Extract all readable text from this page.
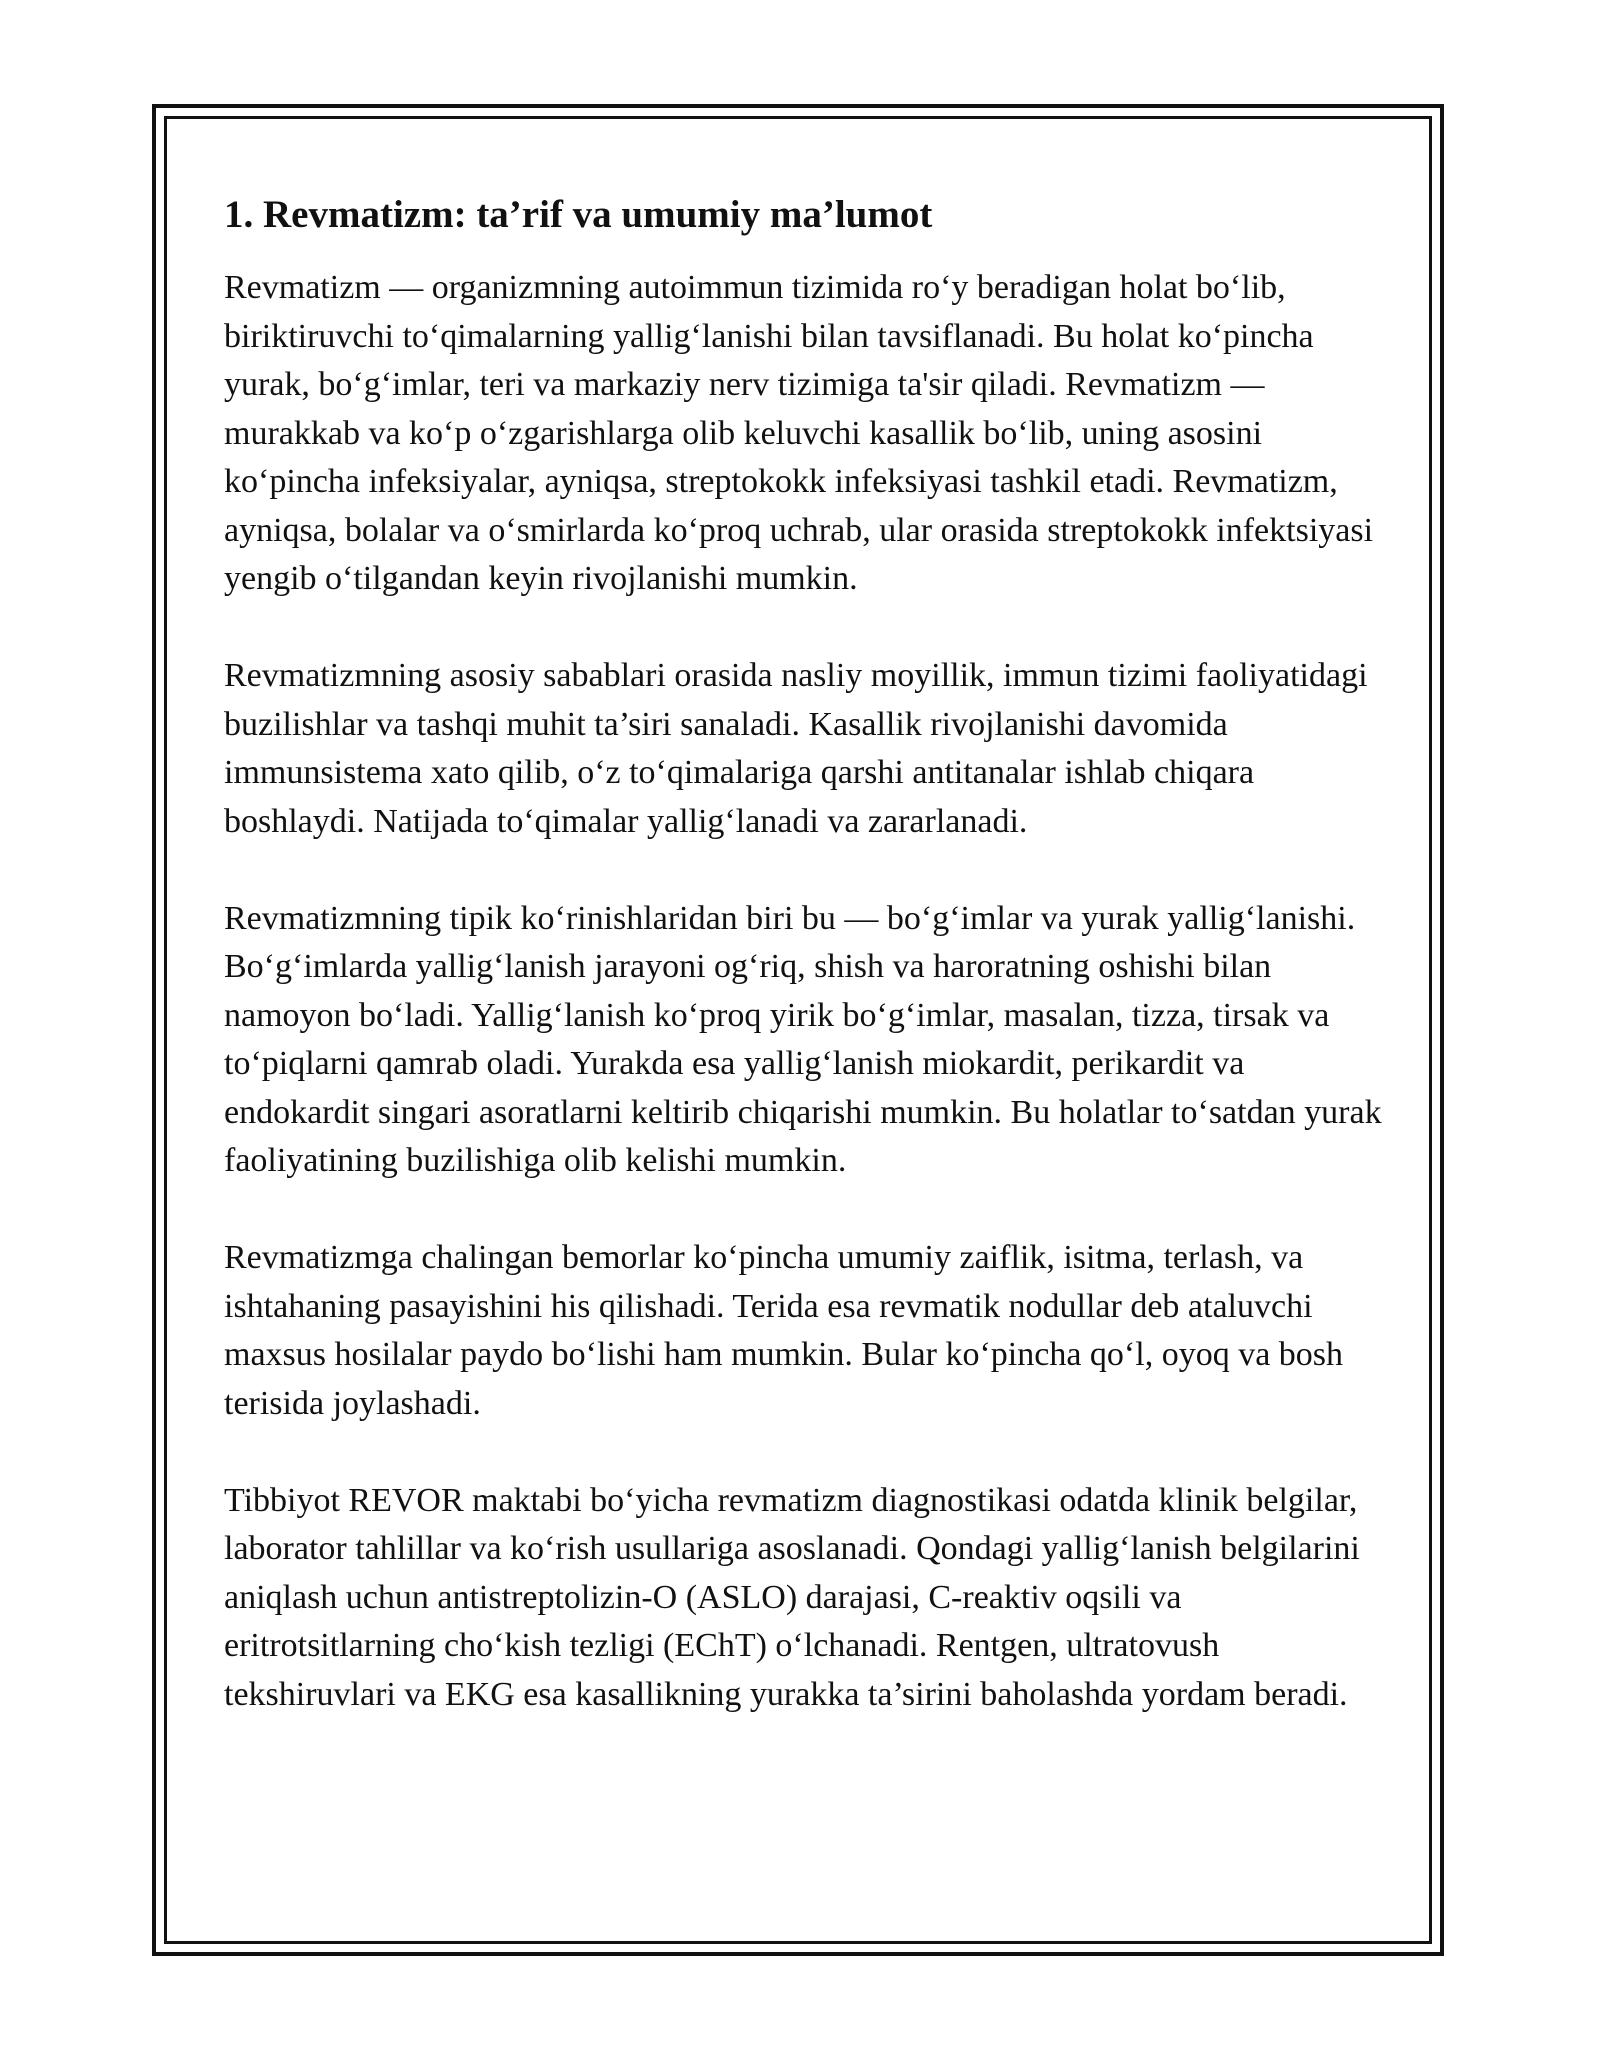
1. Revmatizm: ta’rif va umumiy ma’lumot

Revmatizm — organizmning autoimmun tizimida roʻy beradigan holat boʻlib, biriktiruvchi toʻqimalarning yalligʻlanishi bilan tavsiflanadi. Bu holat koʻpincha yurak, boʻgʻimlar, teri va markaziy nerv tizimiga ta'sir qiladi. Revmatizm — murakkab va koʻp oʻzgarishlarga olib keluvchi kasallik boʻlib, uning asosini koʻpincha infeksiyalar, ayniqsa, streptokokk infeksiyasi tashkil etadi. Revmatizm, ayniqsa, bolalar va oʻsmirlarda koʻproq uchrab, ular orasida streptokokk infektsiyasi yengib oʻtilgandan keyin rivojlanishi mumkin.

Revmatizmning asosiy sabablari orasida nasliy moyillik, immun tizimi faoliyatidagi buzilishlar va tashqi muhit ta’siri sanaladi. Kasallik rivojlanishi davomida immunsistema xato qilib, oʻz toʻqimalariga qarshi antitanalar ishlab chiqara boshlaydi. Natijada toʻqimalar yalligʻlanadi va zararlanadi.

Revmatizmning tipik koʻrinishlaridan biri bu — boʻgʻimlar va yurak yalligʻlanishi. Boʻgʻimlarda yalligʻlanish jarayoni ogʻriq, shish va haroratning oshishi bilan namoyon boʻladi. Yalligʻlanish koʻproq yirik boʻgʻimlar, masalan, tizza, tirsak va toʻpiqlarni qamrab oladi. Yurakda esa yalligʻlanish miokardit, perikardit va endokardit singari asoratlarni keltirib chiqarishi mumkin. Bu holatlar toʻsatdan yurak faoliyatining buzilishiga olib kelishi mumkin.

Revmatizmga chalingan bemorlar koʻpincha umumiy zaiflik, isitma, terlash, va ishtahaning pasayishini his qilishadi. Terida esa revmatik nodullar deb ataluvchi maxsus hosilalar paydo boʻlishi ham mumkin. Bular koʻpincha qoʻl, oyoq va bosh terisida joylashadi.

Tibbiyot REVOR maktabi boʻyicha revmatizm diagnostikasi odatda klinik belgilar, laborator tahlillar va koʻrish usullariga asoslanadi. Qondagi yalligʻlanish belgilarini aniqlash uchun antistreptolizin-O (ASLO) darajasi, C-reaktiv oqsili va eritrotsitlarning choʻkish tezligi (EChT) oʻlchanadi. Rentgen, ultratovush tekshiruvlari va EKG esa kasallikning yurakka ta’sirini baholashda yordam beradi.
